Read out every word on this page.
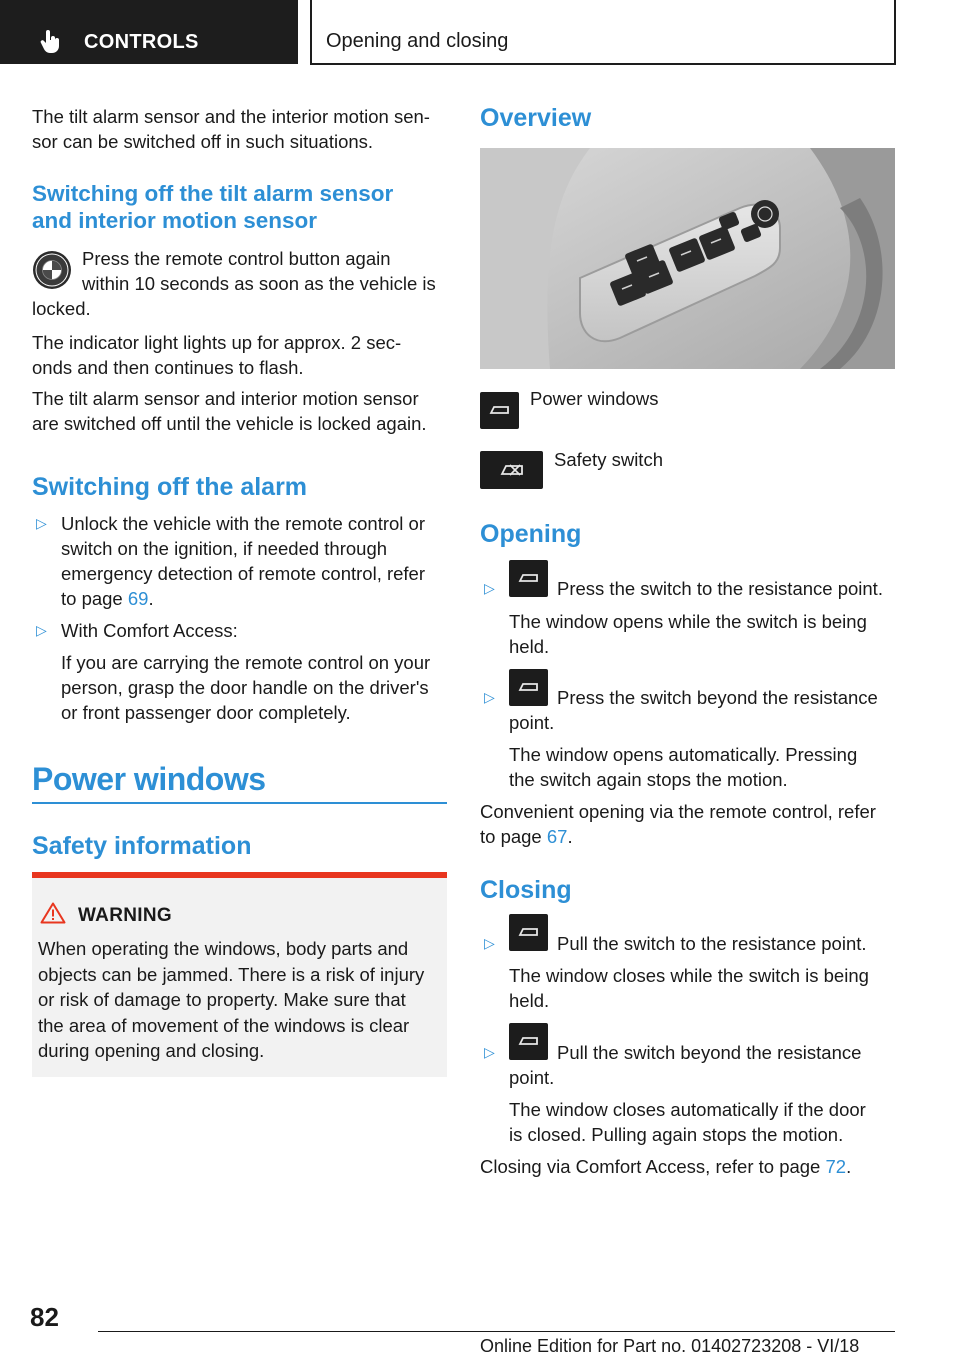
CONTROLS	Opening and closing
The tilt alarm sensor and the interior motion sen-
sor can be switched off in such situations.
Switching off the tilt alarm sensor
and interior motion sensor
Press the remote control button again
within 10 seconds as soon as the vehicle is
locked.
The indicator light lights up for approx. 2 sec-
onds and then continues to flash.
The tilt alarm sensor and interior motion sensor
are switched off until the vehicle is locked again.
Switching off the alarm
▷ Unlock the vehicle with the remote control or
switch on the ignition, if needed through
emergency detection of remote control, refer
to page 69.
▷ With Comfort Access:
If you are carrying the remote control on your
person, grasp the door handle on the driver's
or front passenger door completely.
Power windows
Safety information
WARNING
When operating the windows, body parts and
objects can be jammed. There is a risk of injury
or risk of damage to property. Make sure that
the area of movement of the windows is clear
during opening and closing.
Overview
Power windows
Safety switch
Opening
▷	Press the switch to the resistance point.
The window opens while the switch is being
held.
▷	Press the switch beyond the resistance
point.
The window opens automatically. Pressing
the switch again stops the motion.
Convenient opening via the remote control, refer
to page 67.
Closing
▷	Pull the switch to the resistance point.
The window closes while the switch is being
held.
▷	Pull the switch beyond the resistance
point.
The window closes automatically if the door
is closed. Pulling again stops the motion.
Closing via Comfort Access, refer to page 72.
82
Online Edition for Part no. 01402723208 - VI/18
